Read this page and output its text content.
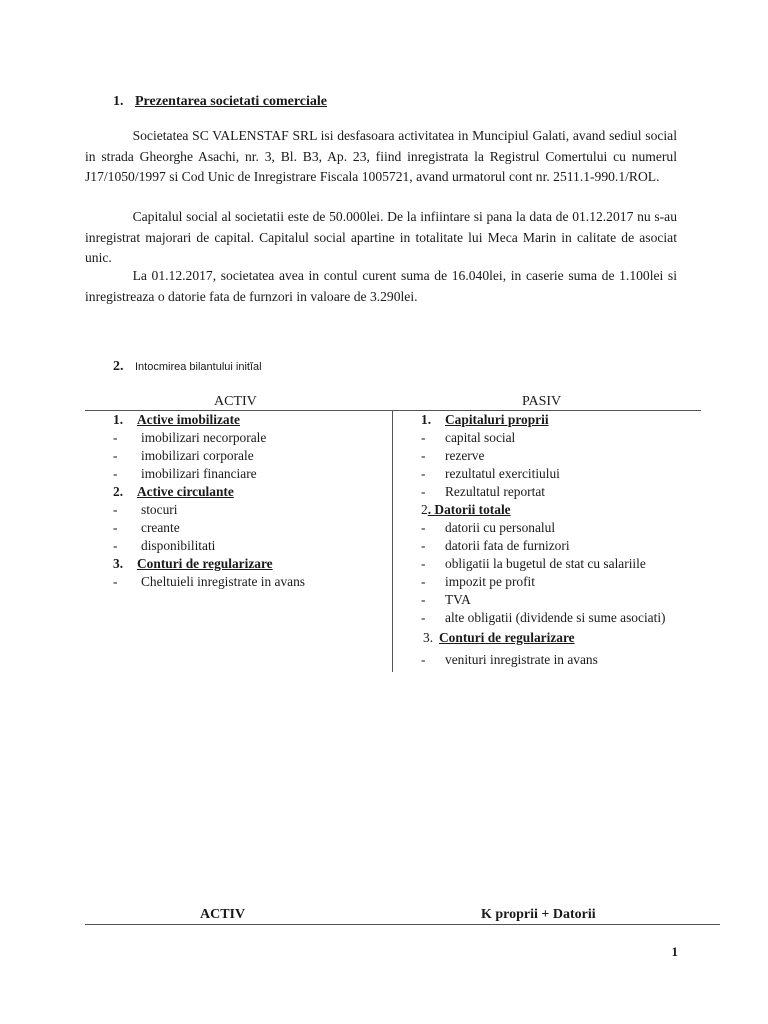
1. Prezentarea societati comerciale
    Societatea SC VALENSTAF SRL isi desfasoara activitatea in Muncipiul Galati, avand sediul social in strada Gheorghe Asachi, nr. 3, Bl. B3, Ap. 23, fiind inregistrata la Registrul Comertului cu numerul J17/1050/1997 si Cod Unic de Inregistrare Fiscala 1005721, avand urmatorul cont nr. 2511.1-990.1/ROL.
    Capitalul social al societatii este de 50.000lei. De la infiintare si pana la data de 01.12.2017 nu s-au inregistrat majorari de capital. Capitalul social apartine in totalitate lui Meca Marin in calitate de asociat unic.
    La 01.12.2017, societatea avea in contul curent suma de 16.040lei, in caserie suma de 1.100lei si inregistreaza o datorie fata de furnzori in valoare de 3.290lei.
2. Intocmirea bilantului initĭal
ACTIV	PASIV
1. Active imobilizate
- imobilizari necorporale
- imobilizari corporale
- imobilizari financiare
2. Active circulante
- stocuri
- creante
- disponibilitati
3. Conturi de regularizare
- Cheltuieli inregistrate in avans
1. Capitaluri proprii
- capital social
- rezerve
- rezultatul exercitiului
- Rezultatul reportat
2. Datorii totale
- datorii cu personalul
- datorii fata de furnizori
- obligatii la bugetul de stat cu salariile
- impozit pe profit
- TVA
- alte obligatii (dividende si sume asociati)
3. Conturi de regularizare
- venituri inregistrate in avans
ACTIV	K proprii + Datorii
1
